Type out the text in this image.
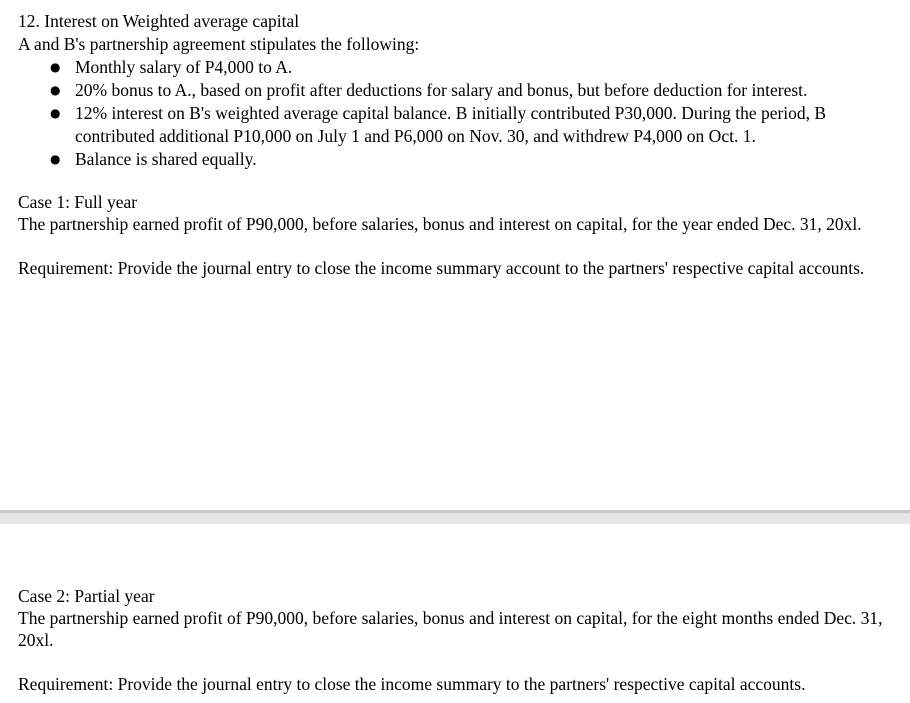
12. Interest on Weighted average capital

A and B's partnership agreement stipulates the following:

● Monthly salary of P4,000 to A.
● 20% bonus to A., based on profit after deductions for salary and bonus, but before deduction for interest.
● 12% interest on B's weighted average capital balance. B initially contributed P30,000. During the period, B contributed additional P10,000 on July 1 and P6,000 on Nov. 30, and withdrew P4,000 on Oct. 1.
● Balance is shared equally.

Case 1: Full year

The partnership earned profit of P90,000, before salaries, bonus and interest on capital, for the year ended Dec. 31, 20xl.

Requirement: Provide the journal entry to close the income summary account to the partners' respective capital accounts.

Case 2: Partial year

The partnership earned profit of P90,000, before salaries, bonus and interest on capital, for the eight months ended Dec. 31, 20xl.

Requirement: Provide the journal entry to close the income summary to the partners' respective capital accounts.
